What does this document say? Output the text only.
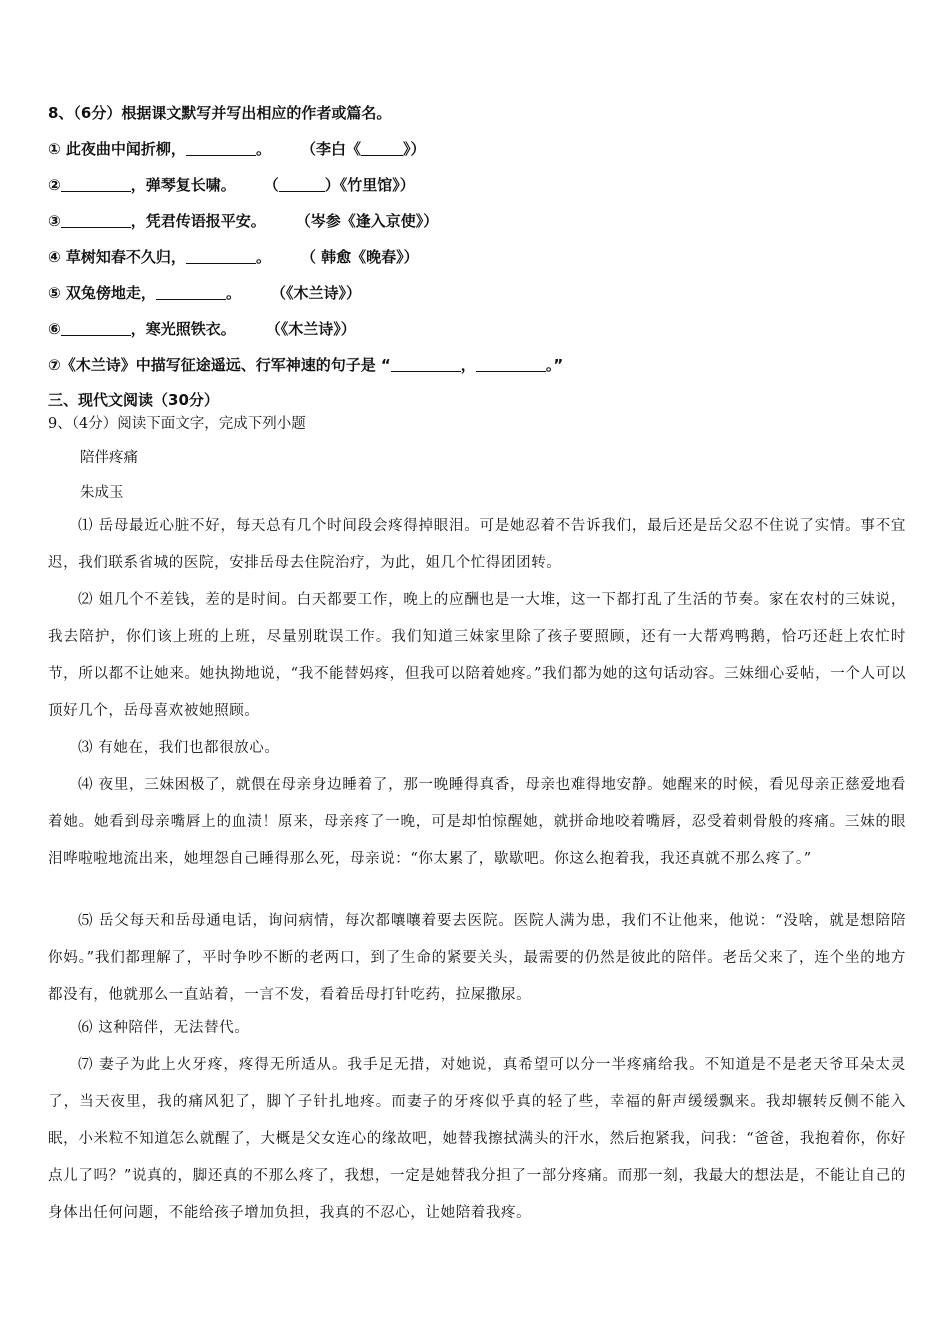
8、（6分）根据课文默写并写出相应的作者或篇名。
① 此夜曲中闻折柳，	。 （李白《	》）
②	，弹琴复长啸。 （	）《竹里馆》）
③	，凭君传语报平安。 （岑参《逢入京使》）
④ 草树知春不久归，	。 （ 韩愈《晚春》）
⑤ 双兔傍地走，	。 （《木兰诗》）
⑥	，寒光照铁衣。 （《木兰诗》）
⑦《木兰诗》中描写征途遥远、行军神速的句子是 “	，	。”
三、现代文阅读（30分）
9、（4分）阅读下面文字，完成下列小题
陪伴疼痛
朱成玉
⑴ 岳母最近心脏不好，每天总有几个时间段会疼得掉眼泪。可是她忍着不告诉我们，最后还是岳父忍不住说了实情。事不宜迟，我们联系省城的医院，安排岳母去住院治疗，为此，姐几个忙得团团转。
⑵ 姐几个不差钱，差的是时间。白天都要工作，晚上的应酬也是一大堆，这一下都打乱了生活的节奏。家在农村的三妹说，我去陪护，你们该上班的上班，尽量别耽误工作。我们知道三妹家里除了孩子要照顾，还有一大帮鸡鸭鹅，恰巧还赶上农忙时节，所以都不让她来。她执拗地说，“我不能替妈疼，但我可以陪着她疼。”我们都为她的这句话动容。三妹细心妥帖，一个人可以顶好几个，岳母喜欢被她照顾。
⑶ 有她在，我们也都很放心。
⑷ 夜里，三妹困极了，就偎在母亲身边睡着了，那一晚睡得真香，母亲也难得地安静。她醒来的时候，看见母亲正慈爱地看着她。她看到母亲嘴唇上的血渍！原来，母亲疼了一晚，可是却怕惊醒她，就拼命地咬着嘴唇，忍受着刺骨般的疼痛。三妹的眼泪哗啦啦地流出来，她埋怨自己睡得那么死，母亲说：“你太累了，歇歇吧。你这么抱着我，我还真就不那么疼了。”
⑸ 岳父每天和岳母通电话，询问病情，每次都嚷嚷着要去医院。医院人满为患，我们不让他来，他说：“没啥，就是想陪陪你妈。”我们都理解了，平时争吵不断的老两口，到了生命的紧要关头，最需要的仍然是彼此的陪伴。老岳父来了，连个坐的地方都没有，他就那么一直站着，一言不发，看着岳母打针吃药，拉屎撒尿。
⑹ 这种陪伴，无法替代。
⑺ 妻子为此上火牙疼，疼得无所适从。我手足无措，对她说，真希望可以分一半疼痛给我。不知道是不是老天爷耳朵太灵了，当天夜里，我的痛风犯了，脚丫子针扎地疼。而妻子的牙疼似乎真的轻了些，幸福的鼾声缓缓飘来。我却辗转反侧不能入眠，小米粒不知道怎么就醒了，大概是父女连心的缘故吧，她替我擦拭满头的汗水，然后抱紧我，问我：“爸爸，我抱着你，你好点儿了吗？”说真的，脚还真的不那么疼了，我想，一定是她替我分担了一部分疼痛。而那一刻，我最大的想法是，不能让自己的身体出任何问题，不能给孩子增加负担，我真的不忍心，让她陪着我疼。
